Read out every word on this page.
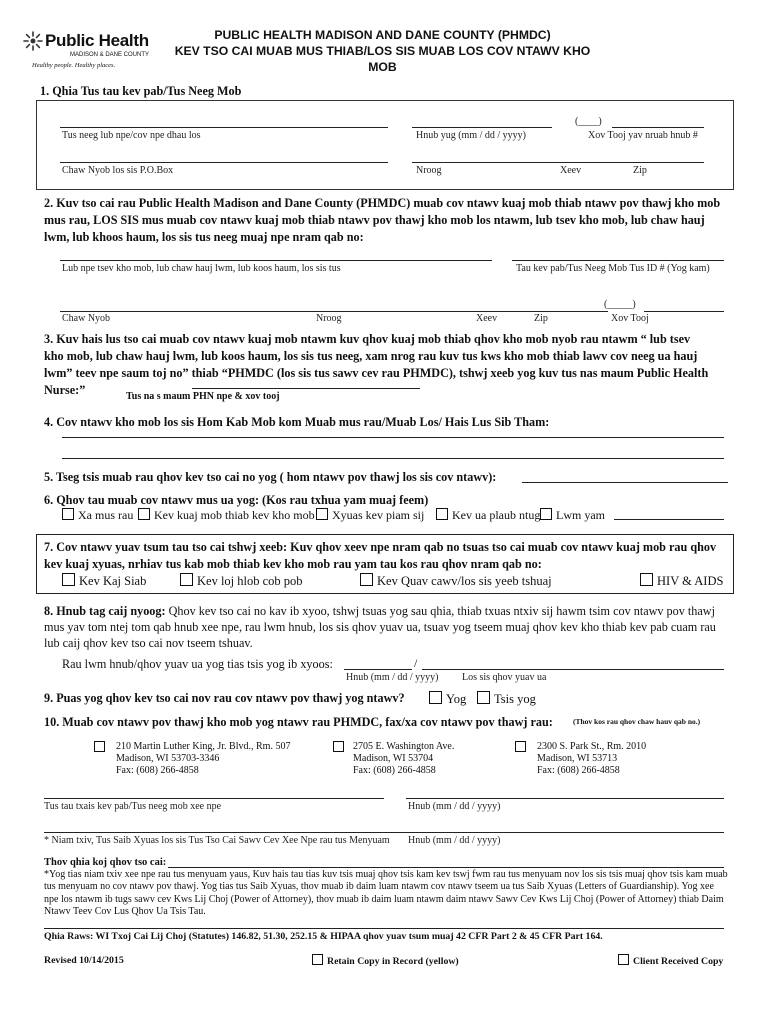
Public Health
MADISON & DANE COUNTY
Healthy people. Healthy places.
PUBLIC HEALTH MADISON AND DANE COUNTY (PHMDC)
KEV TSO CAI MUAB MUS THIAB/LOS SIS MUAB LOS COV NTAWV KHO
MOB
1. Qhia Tus tau kev pab/Tus Neeg Mob
Tus neeg lub npe/cov npe dhau los	Hnub yug (mm / dd / yyyy)
(____)
Xov Tooj yav nruab hnub #
Chaw Nyob los sis P.O.Box	Nroog	Xeev	Zip
2. Kuv tso cai rau Public Health Madison and Dane County (PHMDC) muab cov ntawv kuaj mob thiab ntawv pov thawj kho mob mus rau, LOS SIS mus muab cov ntawv kuaj mob thiab ntawv pov thawj kho mob los ntawm, lub tsev kho mob, lub chaw hauj lwm, lub khoos haum, los sis tus neeg muaj npe nram qab no:
Lub npe tsev kho mob, lub chaw hauj lwm, lub koos haum, los sis tus	Tau kev pab/Tus Neeg Mob Tus ID # (Yog kam)
(_____)
Chaw Nyob	Nroog	Xeev	Zip	Xov Tooj
3. Kuv hais lus tso cai muab cov ntawv kuaj mob ntawm kuv qhov kuaj mob thiab qhov kho mob nyob rau ntawm “ lub tsev kho mob, lub chaw hauj lwm, lub koos haum, los sis tus neeg, xam nrog rau kuv tus kws kho mob thiab lawv cov neeg ua hauj lwm” teev npe saum toj no” thiab “PHMDC (los sis tus sawv cev rau PHMDC), tshwj xeeb yog kuv tus nas maum Public Health Nurse:”	Tus na s maum PHN npe & xov tooj
4. Cov ntawv kho mob los sis Hom Kab Mob kom Muab mus rau/Muab Los/ Hais Lus Sib Tham:
5. Tseg tsis muab rau qhov kev tso cai no yog ( hom ntawv pov thawj los sis cov ntawv):
6. Qhov tau muab cov ntawv mus ua yog: (Kos rau txhua yam muaj feem)
Xa mus rau	Kev kuaj mob thiab kev kho mob	Xyuas kev piam sij	Kev ua plaub ntug	Lwm yam
7. Cov ntawv yuav tsum tau tso cai tshwj xeeb: Kuv qhov xeev npe nram qab no tsuas tso cai muab cov ntawv kuaj mob rau qhov kev kuaj xyuas, nrhiav tus kab mob thiab kev kho mob rau yam tau kos rau qhov nram qab no:
Kev Kaj Siab	Kev loj hlob cob pob	Kev Quav cawv/los sis yeeb tshuaj	HIV & AIDS
8. Hnub tag caij nyoog: Qhov kev tso cai no kav ib xyoo, tshwj tsuas yog sau qhia, thiab txuas ntxiv sij hawm tsim cov ntawv pov thawj mus yav tom ntej tom qab hnub xee npe, rau lwm hnub, los sis qhov yuav ua, tsuav yog tseem muaj qhov kev kho thiab kev pab cuam rau lub caij qhov kev tso cai nov tseem tshuav.
Rau lwm hnub/qhov yuav ua yog tias tsis yog ib xyoos:	/
Hnub (mm / dd / yyyy) Los sis qhov yuav ua
9. Puas yog qhov kev tso cai nov rau cov ntawv pov thawj yog ntawv?	Yog	Tsis yog
10. Muab cov ntawv pov thawj kho mob yog ntawv rau PHMDC, fax/xa cov ntawv pov thawj rau:	(Thov kos rau qhov chaw hauv qab no.)
210 Martin Luther King, Jr. Blvd., Rm. 507
Madison, WI 53703-3346
Fax: (608) 266-4858
2705 E. Washington Ave.
Madison, WI 53704
Fax: (608) 266-4858
2300 S. Park St., Rm. 2010
Madison, WI 53713
Fax: (608) 266-4858
Tus tau txais kev pab/Tus neeg mob xee npe	Hnub (mm / dd / yyyy)
* Niam txiv, Tus Saib Xyuas los sis Tus Tso Cai Sawv Cev Xee Npe rau tus Menyuam Hnub (mm / dd / yyyy)
Thov qhia koj qhov tso cai:
*Yog tias niam txiv xee npe rau tus menyuam yaus, Kuv hais tau tias kuv tsis muaj qhov tsis kam kev tswj fwm rau tus menyuam nov los sis tsis muaj qhov tsis kam muab tus menyuam no cov ntawv pov thawj. Yog tias tus Saib Xyuas, thov muab ib daim luam ntawm cov ntawv tseem ua tus Saib Xyuas (Letters of Guardianship). Yog xee npe los ntawm ib tugs sawv cev Kws Lij Choj (Power of Attorney), thov muab ib daim luam ntawm daim ntawv Sawv Cev Kws Lij Choj (Power of Attorney) thiab Daim Ntawv Teev Cov Lus Qhov Ua Tsis Tau.
Qhia Raws: WI Txoj Cai Lij Choj (Statutes) 146.82, 51.30, 252.15 & HIPAA qhov yuav tsum muaj 42 CFR Part 2 & 45 CFR Part 164.
Revised 10/14/2015	Retain Copy in Record (yellow)	Client Received Copy
